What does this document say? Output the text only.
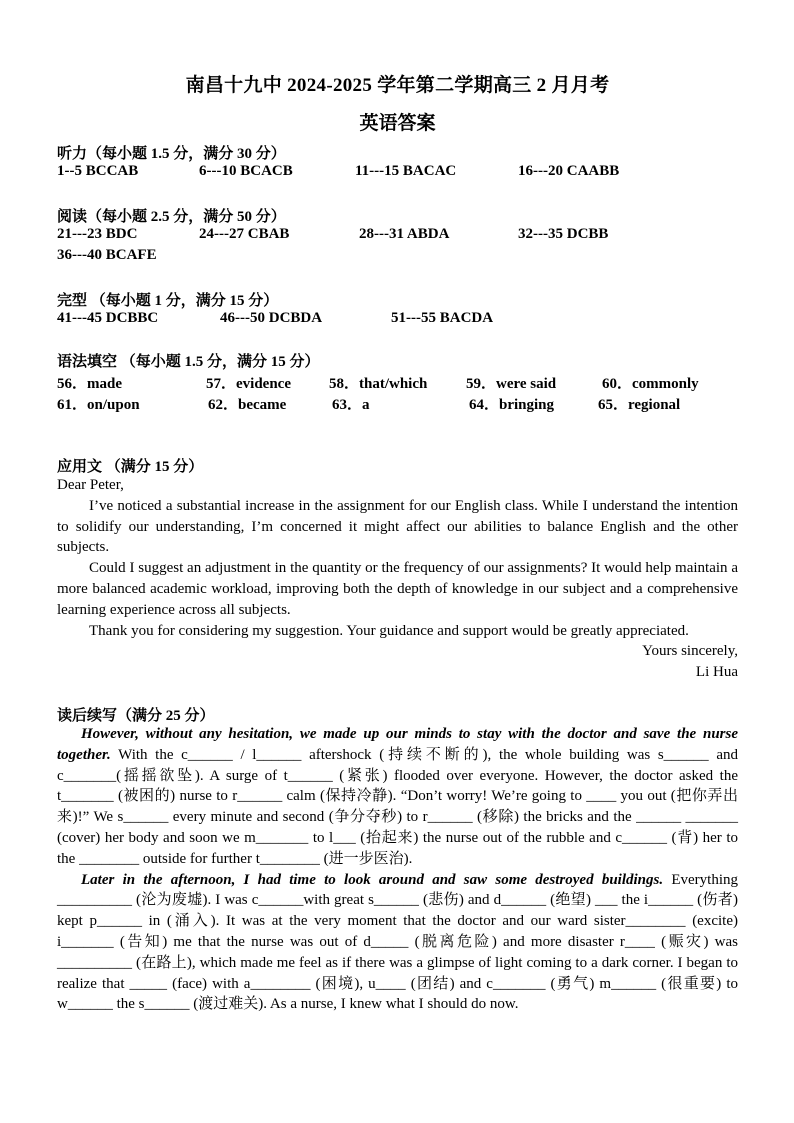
南昌十九中 2024-2025 学年第二学期高三 2 月月考
英语答案
听力（每小题 1.5 分，满分 30 分）
1--5 BCCAB	6---10 BCACB	11---15 BACAC	16---20 CAABB
阅读（每小题 2.5 分，满分 50 分）
21---23 BDC	24---27 CBAB	28---31 ABDA	32---35 DCBB
36---40 BCAFE
完型 （每小题 1 分，满分 15 分）
41---45 DCBBC	46---50 DCBDA	51---55 BACDA
语法填空 （每小题 1.5 分，满分 15 分）
56．made	57．evidence	58．that/which	59．were said	60．commonly
61．on/upon	62．became	63．a	64．bringing	65．regional
应用文 （满分 15 分）

Dear Peter,

I’ve noticed a substantial increase in the assignment for our English class. While I understand the intention to solidify our understanding, I’m concerned it might affect our abilities to balance English and the other subjects.

Could I suggest an adjustment in the quantity or the frequency of our assignments? It would help maintain a more balanced academic workload, improving both the depth of knowledge in our subject and a comprehensive learning experience across all subjects.

Thank you for considering my suggestion. Your guidance and support would be greatly appreciated.

Yours sincerely,

Li Hua

读后续写（满分 25 分）

However, without any hesitation, we made up our minds to stay with the doctor and save the nurse together. With the c______ / l______ aftershock (持续不断的), the whole building was s______ and c_______(摇摇欲坠). A surge of t______ (紧张) flooded over everyone. However, the doctor asked the t_______ (被困的) nurse to r______ calm (保持冷静). “Don’t worry! We’re going to ____ you out (把你弄出来)!” We s______ every minute and second (争分夺秒) to r______ (移除) the bricks and the ______ _______ (cover) her body and soon we m_______ to l___ (抬起来) the nurse out of the rubble and c______ (背) her to the ________ outside for further t________ (进一步医治).

Later in the afternoon, I had time to look around and saw some destroyed buildings. Everything __________ (沦为废墟). I was c______with great s______ (悲伤) and d______ (绝望) ___ the i______ (伤者) kept p______ in (涌入). It was at the very moment that the doctor and our ward sister________ (excite) i_______ (告知) me that the nurse was out of d_____ (脱离危险) and more disaster r____ (赈灾) was __________ (在路上), which made me feel as if there was a glimpse of light coming to a dark corner. I began to realize that _____ (face) with a________ (困境), u____ (团结) and c_______ (勇气) m______ (很重要) to w______ the s______ (渡过难关). As a nurse, I knew what I should do now.
